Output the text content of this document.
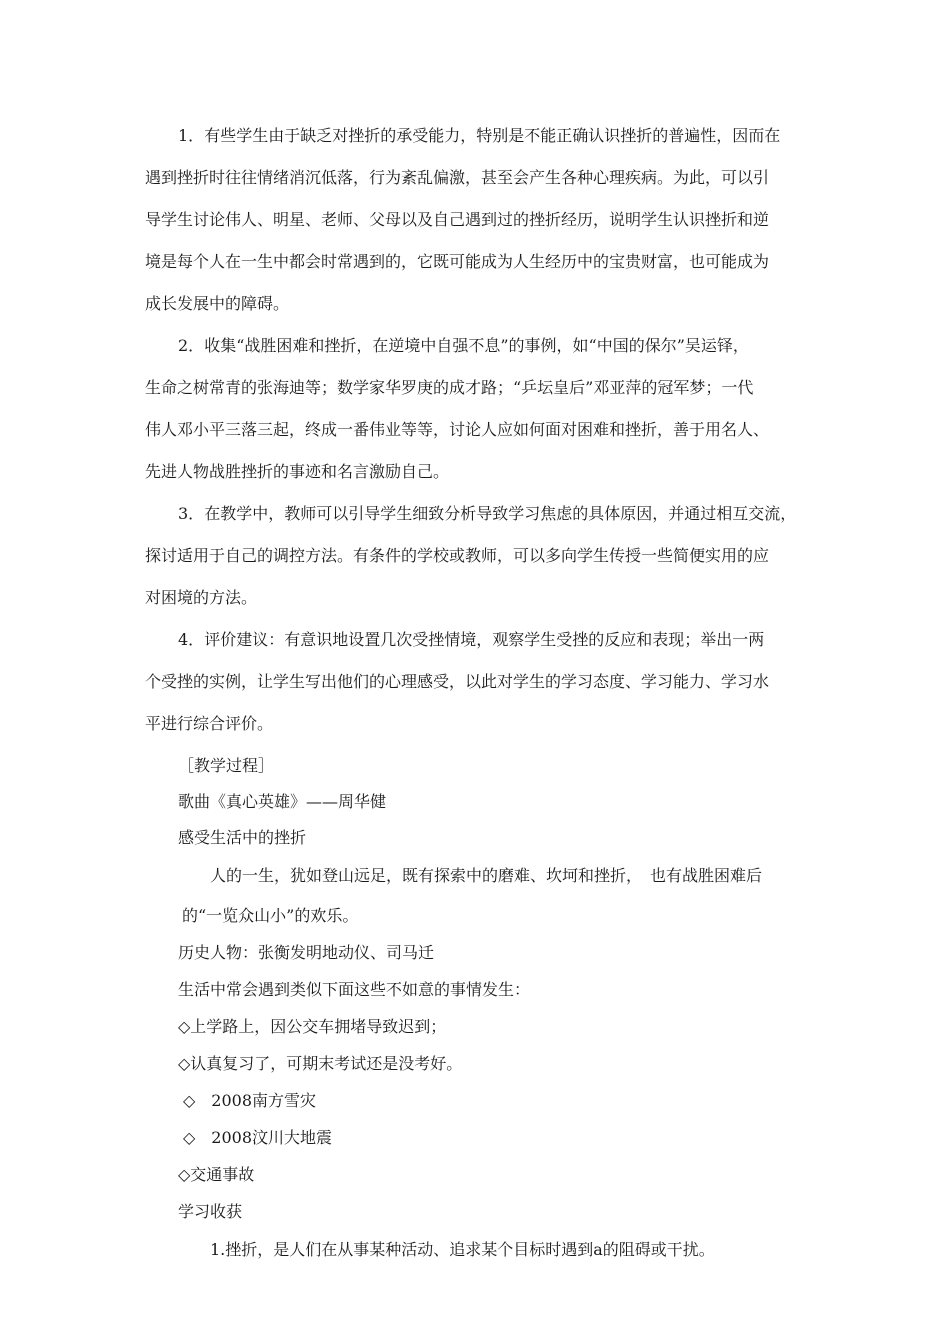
1．有些学生由于缺乏对挫折的承受能力，特别是不能正确认识挫折的普遍性，因而在
遇到挫折时往往情绪消沉低落，行为紊乱偏激，甚至会产生各种心理疾病。为此，可以引
导学生讨论伟人、明星、老师、父母以及自己遇到过的挫折经历，说明学生认识挫折和逆
境是每个人在一生中都会时常遇到的，它既可能成为人生经历中的宝贵财富，也可能成为
成长发展中的障碍。
2．收集“战胜困难和挫折，在逆境中自强不息”的事例，如“中国的保尔”吴运铎，
生命之树常青的张海迪等；数学家华罗庚的成才路；“乒坛皇后”邓亚萍的冠军梦；一代
伟人邓小平三落三起，终成一番伟业等等，讨论人应如何面对困难和挫折，善于用名人、
先进人物战胜挫折的事迹和名言激励自己。
3．在教学中，教师可以引导学生细致分析导致学习焦虑的具体原因，并通过相互交流，
探讨适用于自己的调控方法。有条件的学校或教师，可以多向学生传授一些简便实用的应
对困境的方法。
4．评价建议：有意识地设置几次受挫情境，观察学生受挫的反应和表现；举出一两
个受挫的实例，让学生写出他们的心理感受，以此对学生的学习态度、学习能力、学习水
平进行综合评价。
［教学过程］
歌曲《真心英雄》——周华健
感受生活中的挫折
人的一生，犹如登山远足，既有探索中的磨难、坎坷和挫折，　也有战胜困难后
的“一览众山小”的欢乐。
历史人物：张衡发明地动仪、司马迁
生活中常会遇到类似下面这些不如意的事情发生：
◇上学路上，因公交车拥堵导致迟到；
◇认真复习了，可期末考试还是没考好。
◇　2008南方雪灾
◇　2008汶川大地震
◇交通事故
学习收获
1.挫折，是人们在从事某种活动、追求某个目标时遇到a的阻碍或干扰。
